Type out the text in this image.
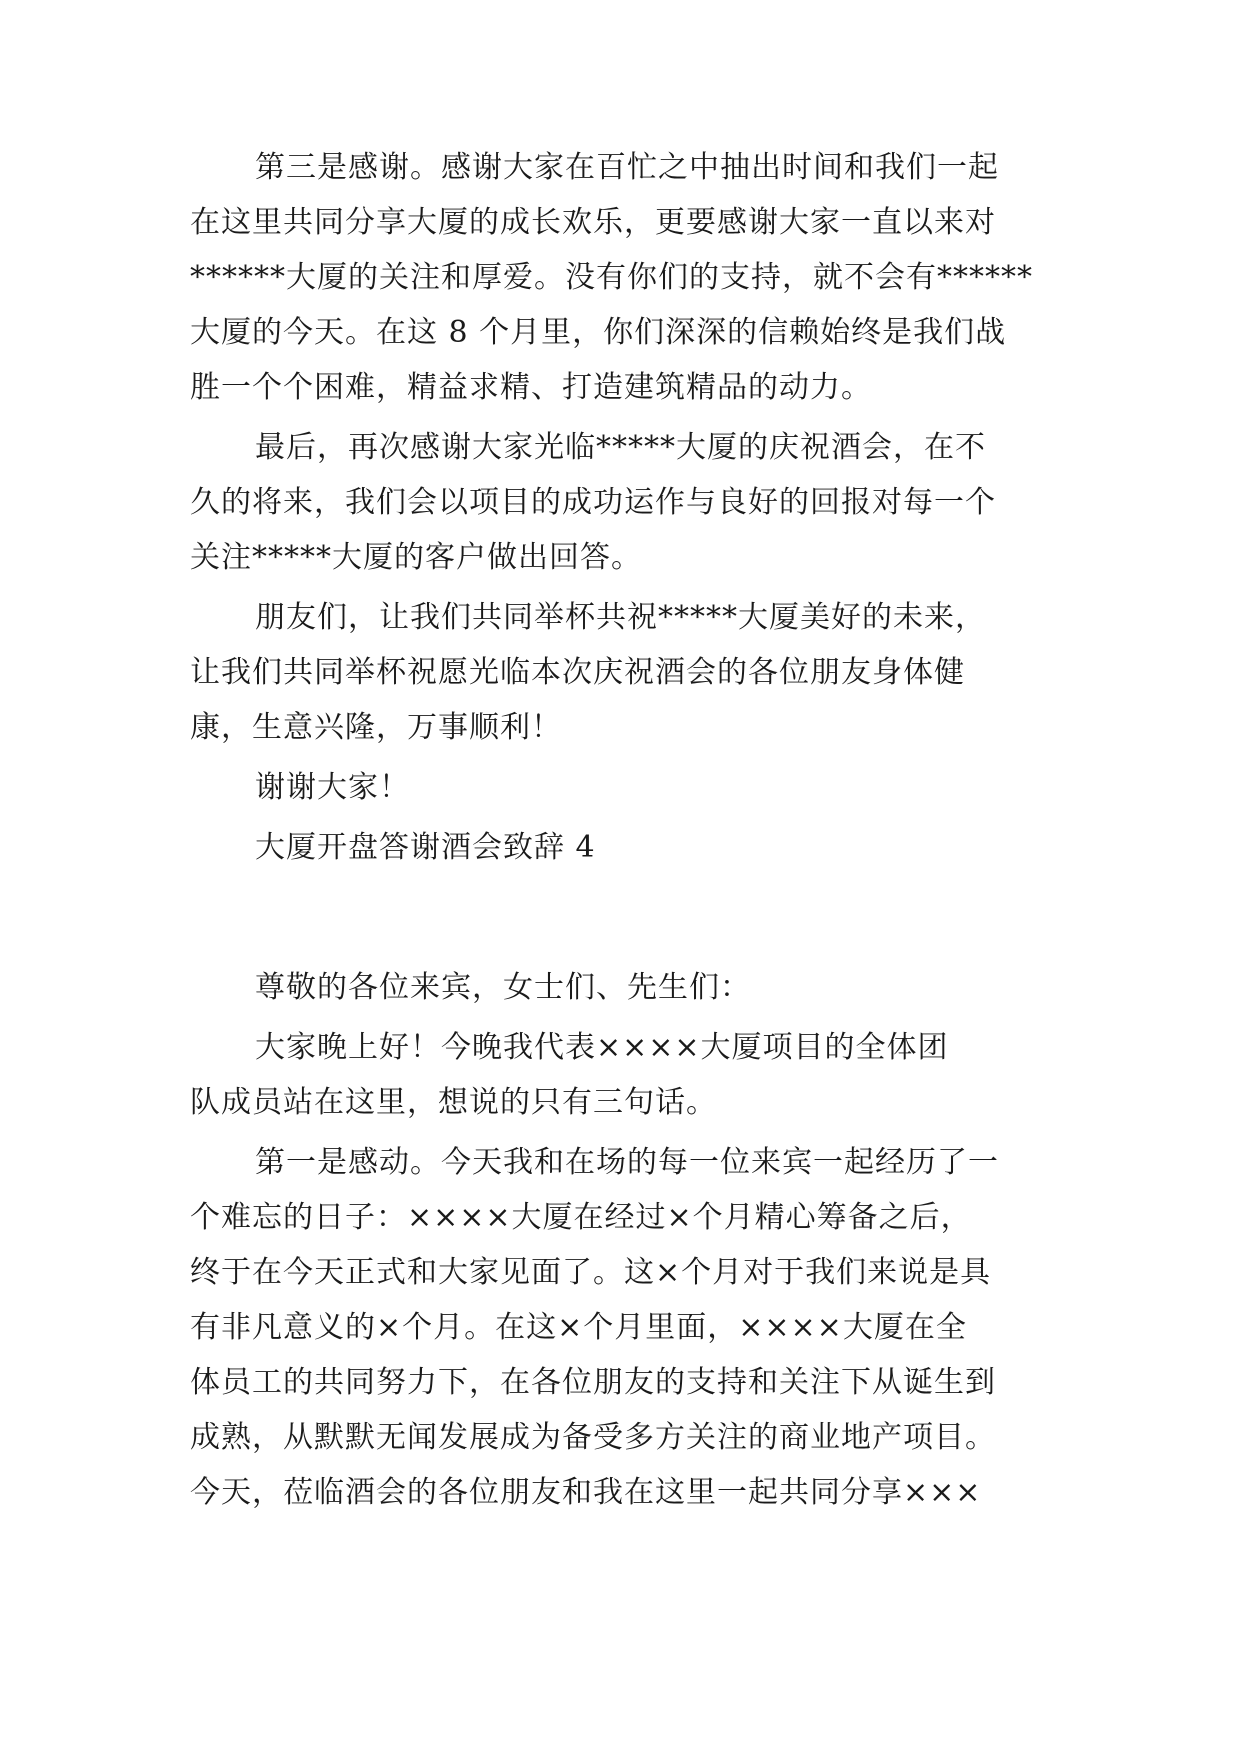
第三是感谢。感谢大家在百忙之中抽出时间和我们一起
在这里共同分享大厦的成长欢乐，更要感谢大家一直以来对
******大厦的关注和厚爱。没有你们的支持，就不会有******
大厦的今天。在这 8 个月里，你们深深的信赖始终是我们战
胜一个个困难，精益求精、打造建筑精品的动力。
最后，再次感谢大家光临*****大厦的庆祝酒会，在不
久的将来，我们会以项目的成功运作与良好的回报对每一个
关注*****大厦的客户做出回答。
朋友们，让我们共同举杯共祝*****大厦美好的未来，
让我们共同举杯祝愿光临本次庆祝酒会的各位朋友身体健
康，生意兴隆，万事顺利！
谢谢大家！
大厦开盘答谢酒会致辞 4
尊敬的各位来宾，女士们、先生们：
大家晚上好！今晚我代表××××大厦项目的全体团
队成员站在这里，想说的只有三句话。
第一是感动。今天我和在场的每一位来宾一起经历了一
个难忘的日子：××××大厦在经过×个月精心筹备之后，
终于在今天正式和大家见面了。这×个月对于我们来说是具
有非凡意义的×个月。在这×个月里面，××××大厦在全
体员工的共同努力下，在各位朋友的支持和关注下从诞生到
成熟，从默默无闻发展成为备受多方关注的商业地产项目。
今天，莅临酒会的各位朋友和我在这里一起共同分享×××
